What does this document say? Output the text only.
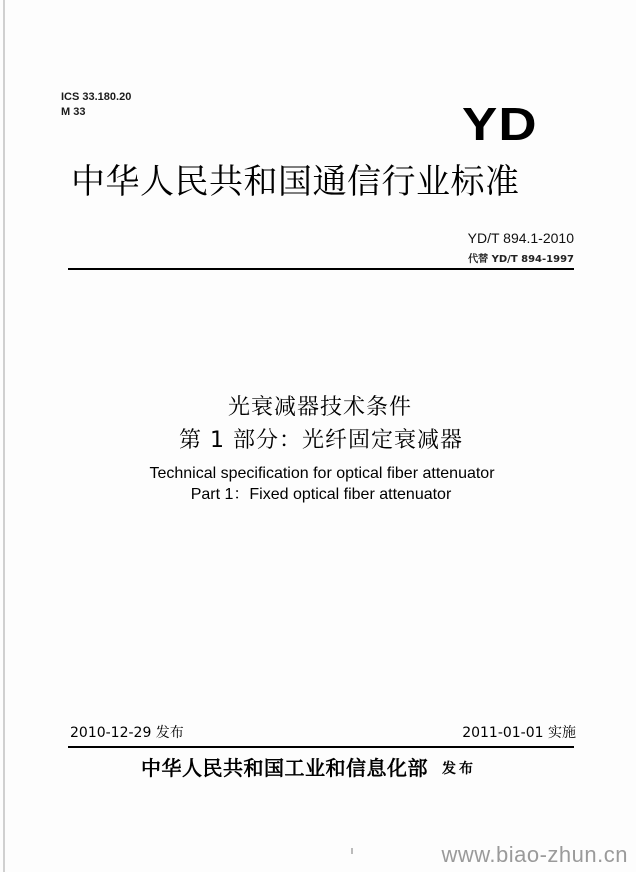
ICS 33.180.20
M 33	YD
中华人民共和国通信行业标准
YD/T 894.1-2010
代替 YD/T 894-1997
光衰减器技术条件
第 1 部分：光纤固定衰减器
Technical specification for optical fiber attenuator
Part 1：Fixed optical fiber attenuator
2010-12-29 发布	2011-01-01 实施
中华人民共和国工业和信息化部 发布
www.biao-zhun.cn
